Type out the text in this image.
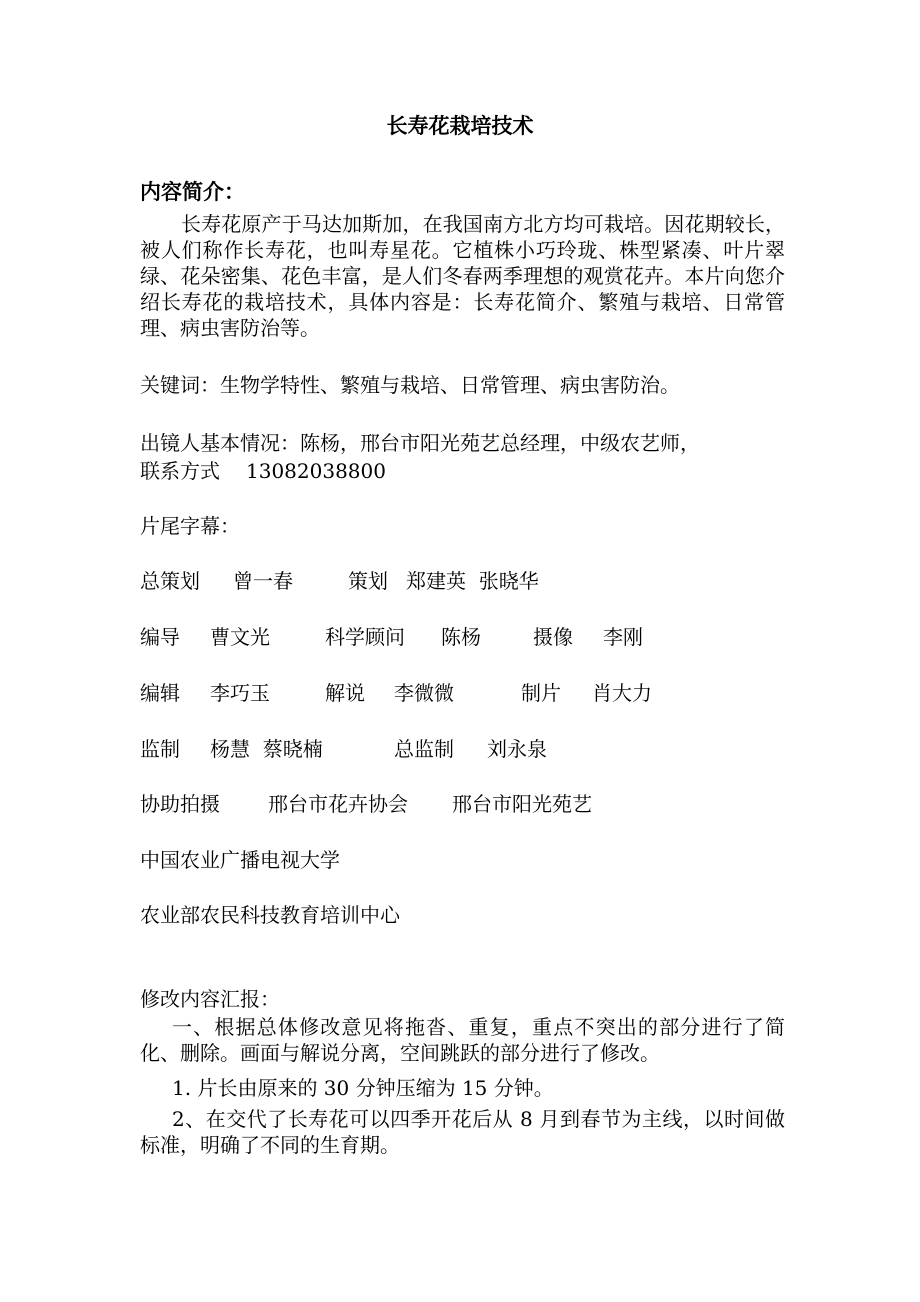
长寿花栽培技术
内容简介：
长寿花原产于马达加斯加，在我国南方北方均可栽培。因花期较长，被人们称作长寿花，也叫寿星花。它植株小巧玲珑、株型紧凑、叶片翠绿、花朵密集、花色丰富，是人们冬春两季理想的观赏花卉。本片向您介绍长寿花的栽培技术，具体内容是：长寿花简介、繁殖与栽培、日常管理、病虫害防治等。
关键词：生物学特性、繁殖与栽培、日常管理、病虫害防治。
出镜人基本情况：陈杨，邢台市阳光苑艺总经理，中级农艺师，
联系方式 13082038800
片尾字幕：
总策划 曾一春	策划 郑建英  张晓华
编导 曹文光	科学顾问 陈杨	摄像 李刚
编辑 李巧玉	解说 李微微	制片 肖大力
监制 杨慧  蔡晓楠	总监制 刘永泉
协助拍摄 邢台市花卉协会 邢台市阳光苑艺
中国农业广播电视大学
农业部农民科技教育培训中心
修改内容汇报：
一、根据总体修改意见将拖沓、重复，重点不突出的部分进行了简化、删除。画面与解说分离，空间跳跃的部分进行了修改。
1. 片长由原来的 30 分钟压缩为 15 分钟。
2、在交代了长寿花可以四季开花后从 8 月到春节为主线，以时间做标准，明确了不同的生育期。
